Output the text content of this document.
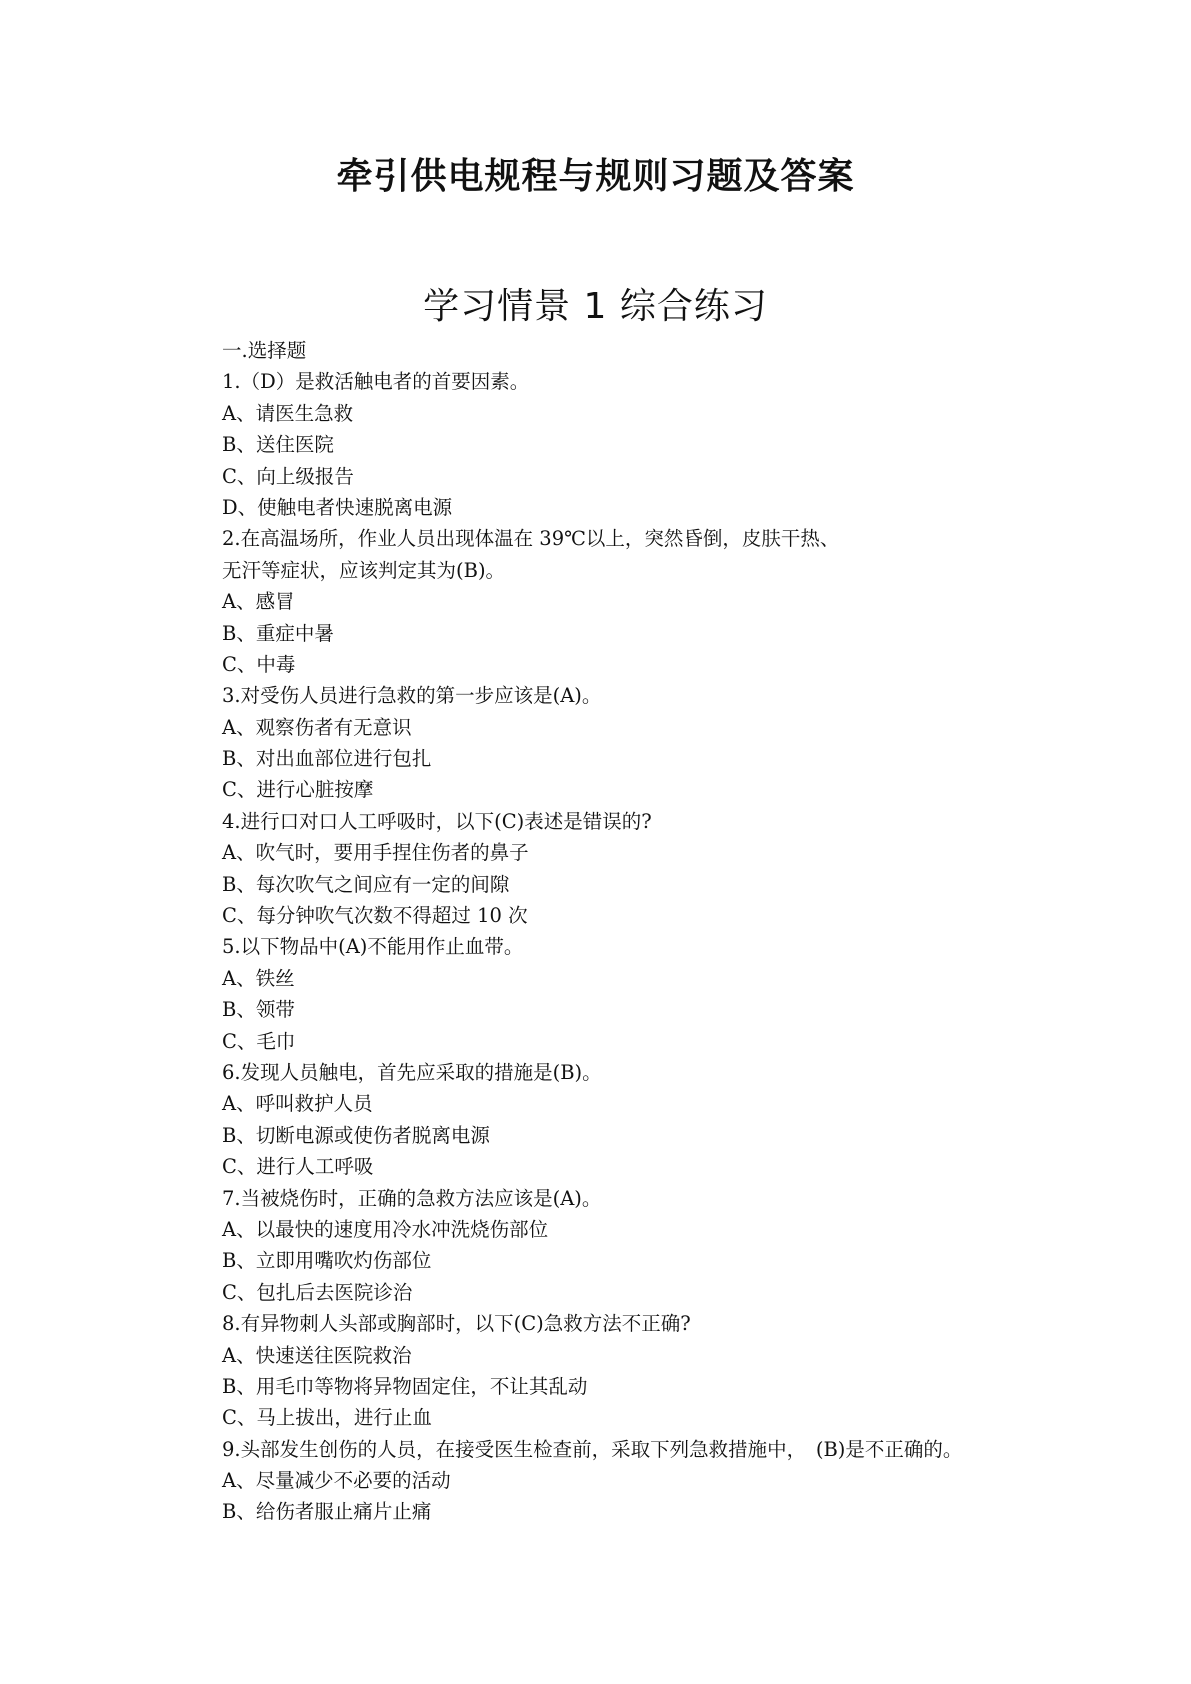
牵引供电规程与规则习题及答案
学习情景 1 综合练习
一.选择题
1.（D）是救活触电者的首要因素。
A、请医生急救
B、送住医院
C、向上级报告
D、使触电者快速脱离电源
2.在高温场所，作业人员出现体温在 39℃以上，突然昏倒，皮肤干热、
无汗等症状，应该判定其为(B)。
A、感冒
B、重症中暑
C、中毒
3.对受伤人员进行急救的第一步应该是(A)。
A、观察伤者有无意识
B、对出血部位进行包扎
C、进行心脏按摩
4.进行口对口人工呼吸时，以下(C)表述是错误的?
A、吹气时，要用手捏住伤者的鼻子
B、每次吹气之间应有一定的间隙
C、每分钟吹气次数不得超过 10 次
5.以下物品中(A)不能用作止血带。
A、铁丝
B、领带
C、毛巾
6.发现人员触电，首先应采取的措施是(B)。
A、呼叫救护人员
B、切断电源或使伤者脱离电源
C、进行人工呼吸
7.当被烧伤时，正确的急救方法应该是(A)。
A、以最快的速度用冷水冲洗烧伤部位
B、立即用嘴吹灼伤部位
C、包扎后去医院诊治
8.有异物刺人头部或胸部时，以下(C)急救方法不正确?
A、快速送往医院救治
B、用毛巾等物将异物固定住，不让其乱动
C、马上拔出，进行止血
9.头部发生创伤的人员，在接受医生检查前，采取下列急救措施中，　(B)是不正确的。
A、尽量减少不必要的活动
B、给伤者服止痛片止痛
